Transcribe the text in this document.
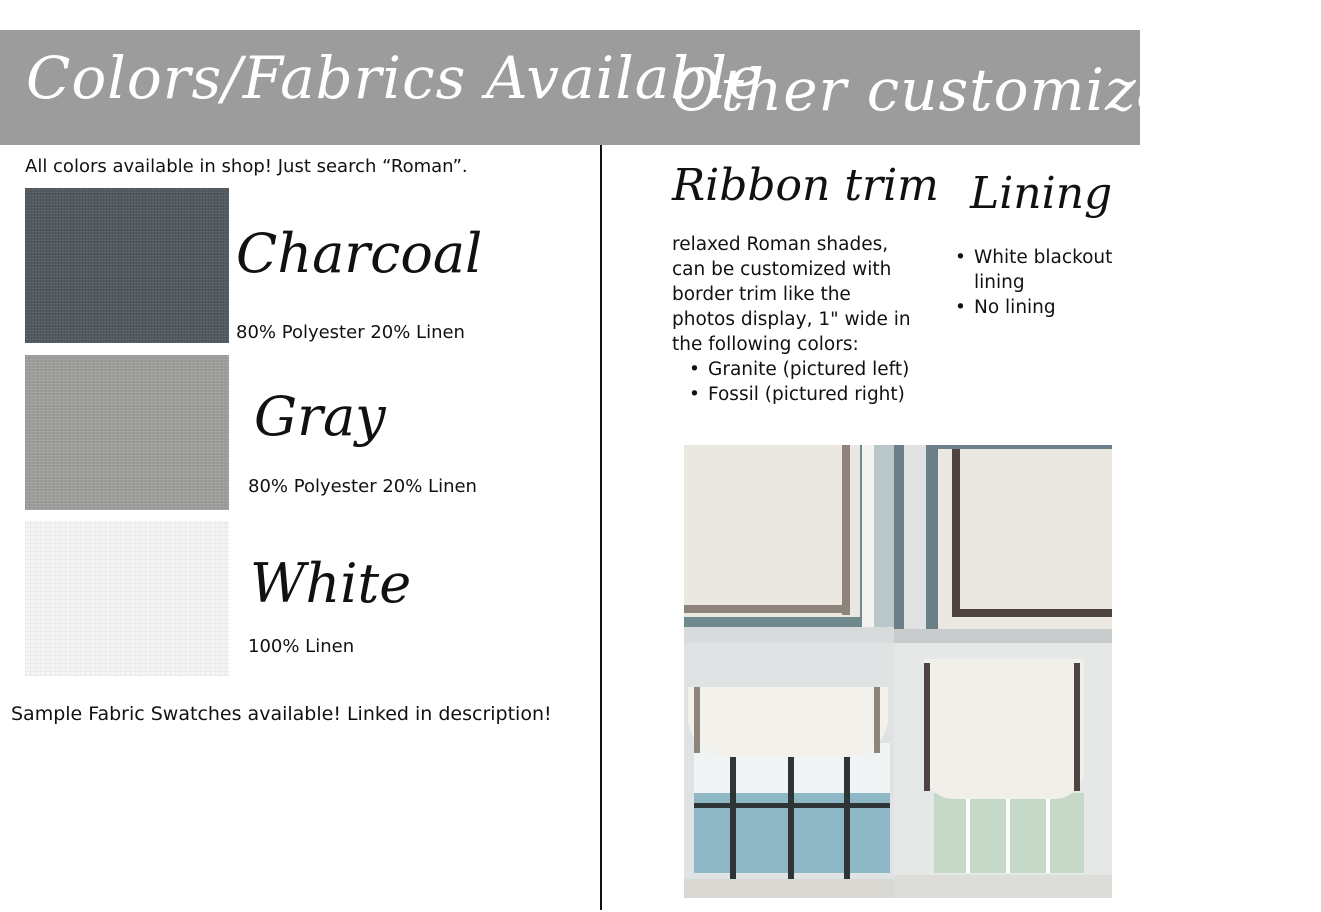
Colors/Fabrics Available
Other customizations
All colors available in shop! Just search “Roman”.
Charcoal
80% Polyester 20% Linen
Gray
80% Polyester 20% Linen
White
100% Linen
Sample Fabric Swatches available! Linked in description!
Ribbon trim
relaxed Roman shades,
can be customized with
border trim like the
photos display, 1" wide in
the following colors:
• Granite (pictured left)
• Fossil (pictured right)
Lining
• White blackout
lining
• No lining
